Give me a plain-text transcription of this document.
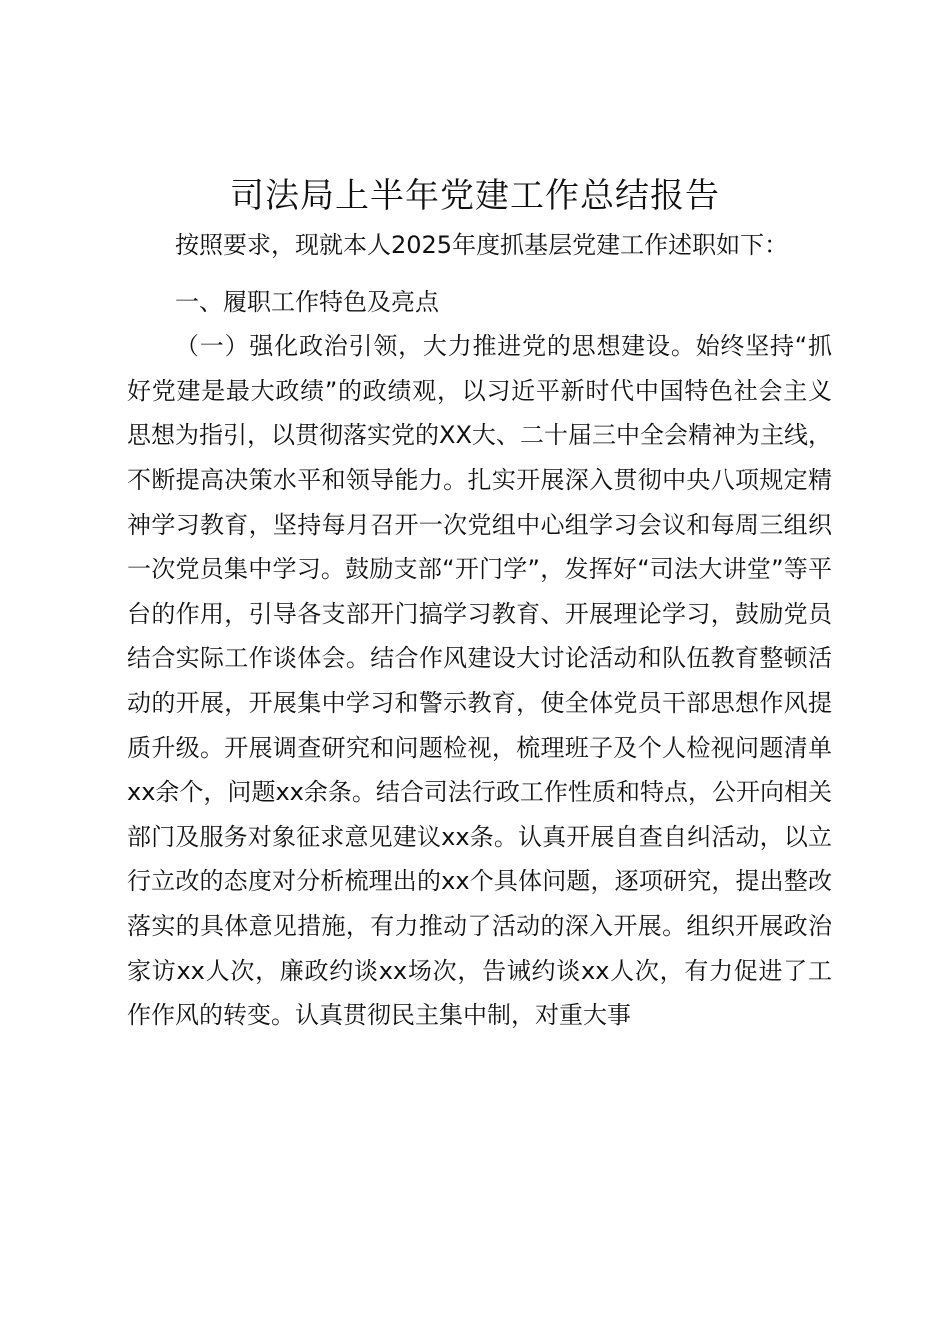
司法局上半年党建工作总结报告

按照要求，现就本人2025年度抓基层党建工作述职如下：

一、履职工作特色及亮点

（一）强化政治引领，大力推进党的思想建设。始终坚持“抓好党建是最大政绩”的政绩观，以习近平新时代中国特色社会主义思想为指引，以贯彻落实党的XX大、二十届三中全会精神为主线，不断提高决策水平和领导能力。扎实开展深入贯彻中央八项规定精神学习教育，坚持每月召开一次党组中心组学习会议和每周三组织一次党员集中学习。鼓励支部“开门学”，发挥好“司法大讲堂”等平台的作用，引导各支部开门搞学习教育、开展理论学习，鼓励党员结合实际工作谈体会。结合作风建设大讨论活动和队伍教育整顿活动的开展，开展集中学习和警示教育，使全体党员干部思想作风提质升级。开展调查研究和问题检视，梳理班子及个人检视问题清单xx余个，问题xx余条。结合司法行政工作性质和特点，公开向相关部门及服务对象征求意见建议xx条。认真开展自查自纠活动，以立行立改的态度对分析梳理出的xx个具体问题，逐项研究，提出整改落实的具体意见措施，有力推动了活动的深入开展。组织开展政治家访xx人次，廉政约谈xx场次，告诫约谈xx人次，有力促进了工作作风的转变。认真贯彻民主集中制，对重大事
